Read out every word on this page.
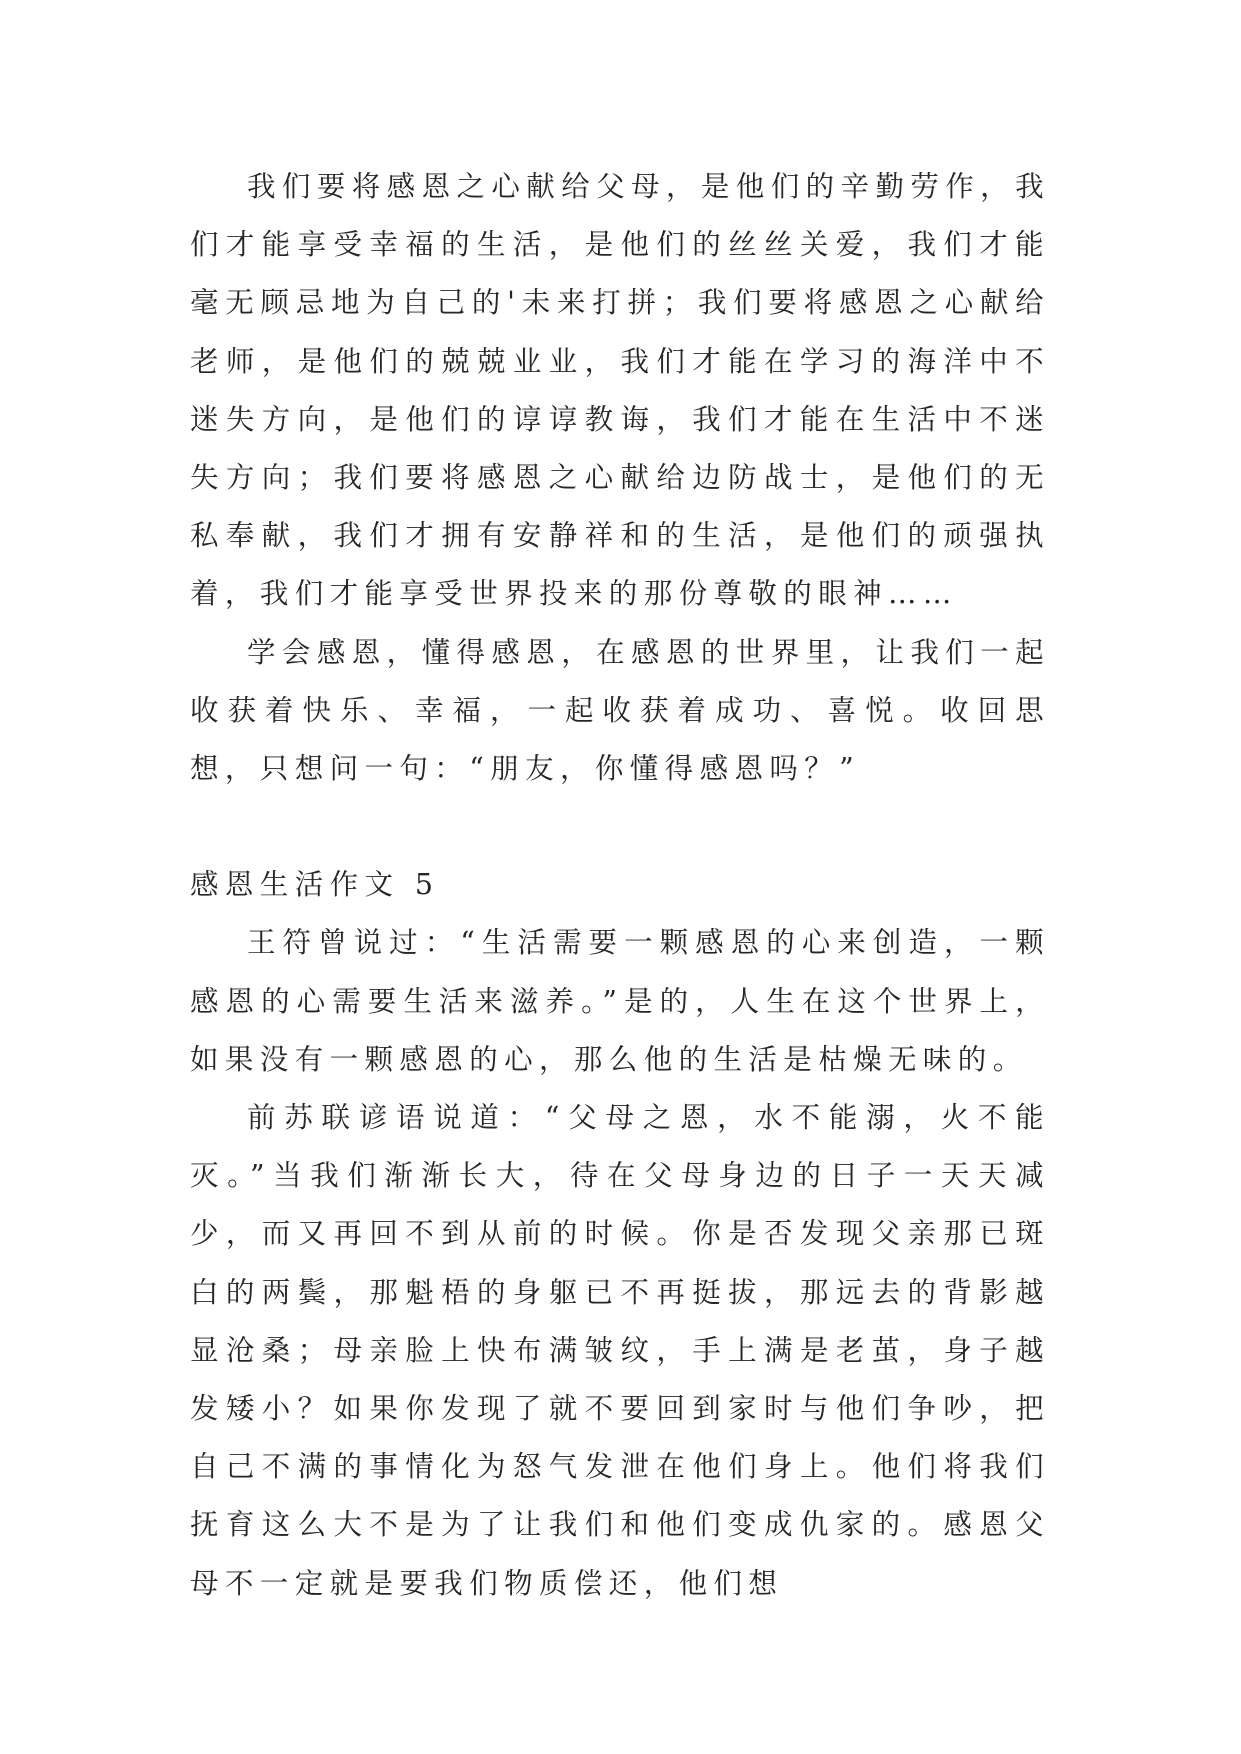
我们要将感恩之心献给父母，是他们的辛勤劳作，我们才能享受幸福的生活，是他们的丝丝关爱，我们才能毫无顾忌地为自己的'未来打拼；我们要将感恩之心献给老师，是他们的兢兢业业，我们才能在学习的海洋中不迷失方向，是他们的谆谆教诲，我们才能在生活中不迷失方向；我们要将感恩之心献给边防战士，是他们的无私奉献，我们才拥有安静祥和的生活，是他们的顽强执着，我们才能享受世界投来的那份尊敬的眼神……

学会感恩，懂得感恩，在感恩的世界里，让我们一起收获着快乐、幸福，一起收获着成功、喜悦。收回思想，只想问一句：“朋友，你懂得感恩吗？”

感恩生活作文 5

王符曾说过：“生活需要一颗感恩的心来创造，一颗感恩的心需要生活来滋养。”是的，人生在这个世界上，如果没有一颗感恩的心，那么他的生活是枯燥无味的。

前苏联谚语说道：“父母之恩，水不能溺，火不能灭。”当我们渐渐长大，待在父母身边的日子一天天减少，而又再回不到从前的时候。你是否发现父亲那已斑白的两鬓，那魁梧的身躯已不再挺拔，那远去的背影越显沧桑；母亲脸上快布满皱纹，手上满是老茧，身子越发矮小？如果你发现了就不要回到家时与他们争吵，把自己不满的事情化为怒气发泄在他们身上。他们将我们抚育这么大不是为了让我们和他们变成仇家的。感恩父母不一定就是要我们物质偿还，他们想
